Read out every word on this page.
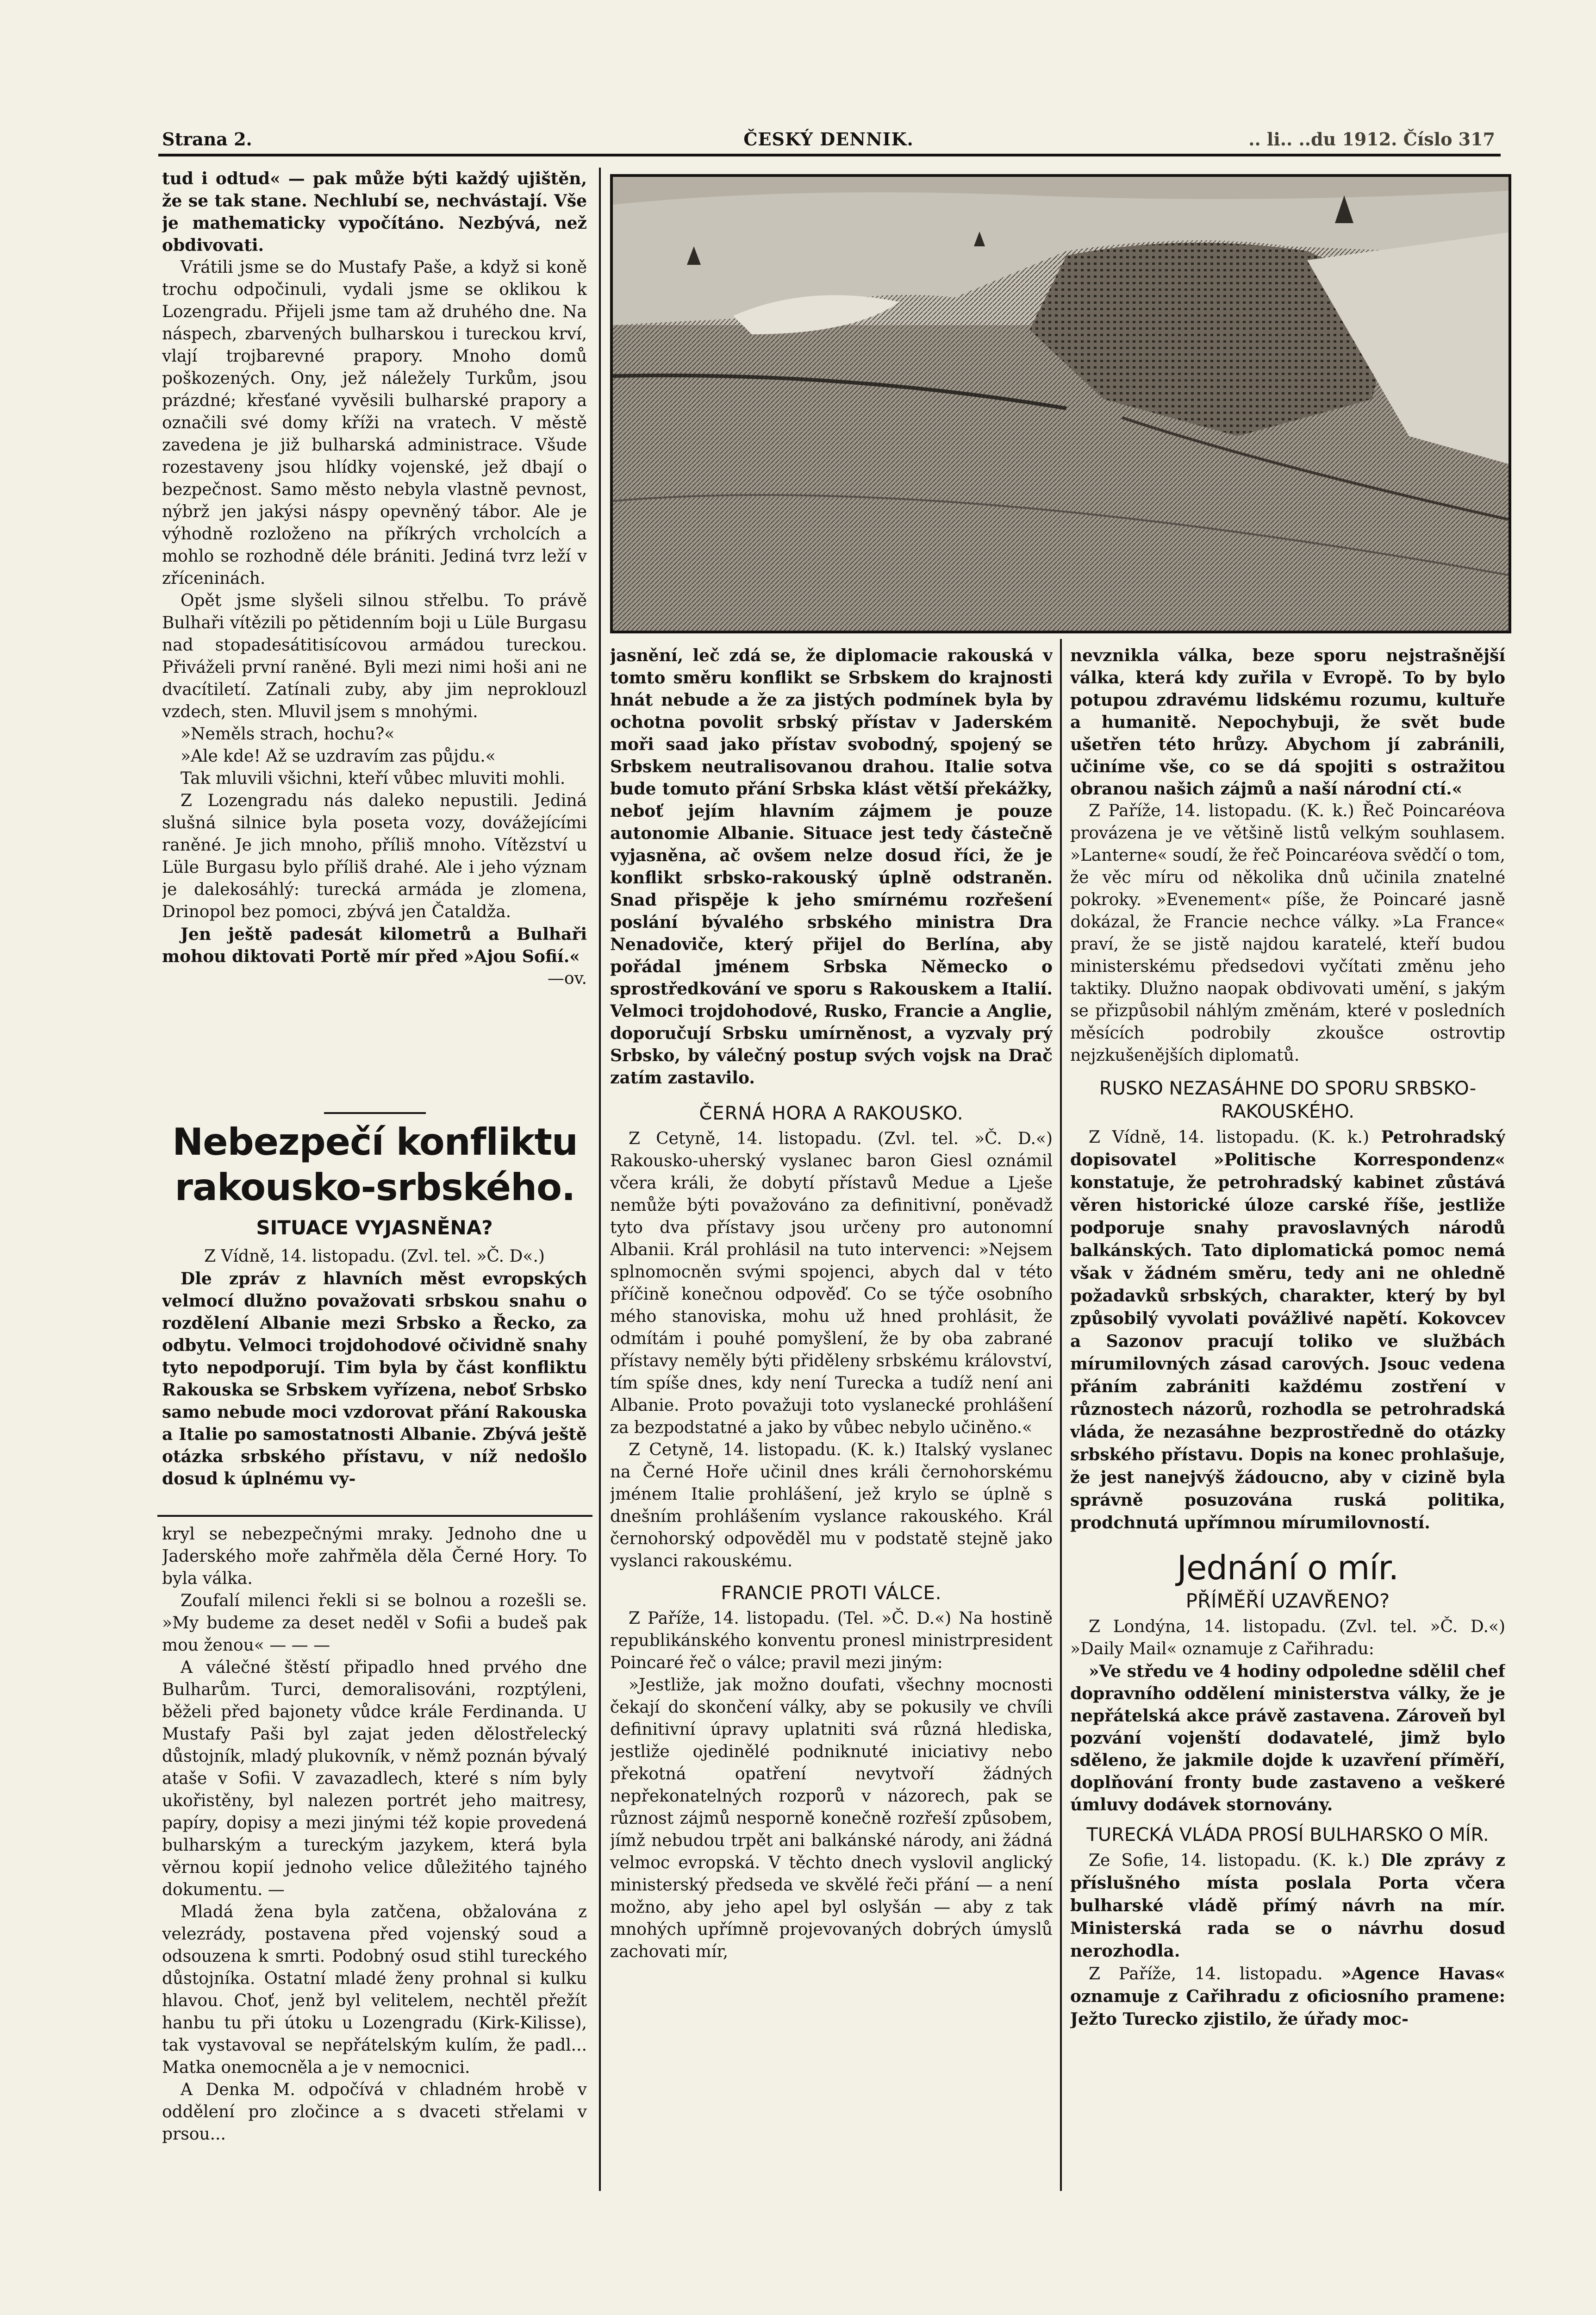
Strana 2.	ČESKÝ DENNIK.	.. li.. ..du 1912. Číslo 317

tud i odtud« — pak může býti každý ujištěn, že se tak stane. Nechlubí se, nechvástají. Vše je mathematicky vypočítáno. Nezbývá, než obdivovati.

Vrátili jsme se do Mustafy Paše, a když si koně trochu odpočinuli, vydali jsme se oklikou k Lozengradu. Přijeli jsme tam až druhého dne. Na náspech, zbarvených bulharskou i tureckou krví, vlají trojbarevné prapory. Mnoho domů poškozených. Ony, jež náležely Turkům, jsou prázdné; křesťané vyvěsili bulharské prapory a označili své domy kříži na vratech. V městě zavedena je již bulharská administrace. Všude rozestaveny jsou hlídky vojenské, jež dbají o bezpečnost. Samo město nebyla vlastně pevnost, nýbrž jen jakýsi náspy opevněný tábor. Ale je výhodně rozloženo na příkrých vrcholcích a mohlo se rozhodně déle brániti. Jediná tvrz leží v zříceninách.

Opět jsme slyšeli silnou střelbu. To právě Bulhaři vítězili po pětidenním boji u Lüle Burgasu nad stopadesátitisícovou armádou tureckou. Přiváželi první raněné. Byli mezi nimi hoši ani ne dvacítiletí. Zatínali zuby, aby jim neproklouzl vzdech, sten. Mluvil jsem s mnohými.

»Neměls strach, hochu?«

»Ale kde! Až se uzdravím zas půjdu.«

Tak mluvili všichni, kteří vůbec mluviti mohli.

Z Lozengradu nás daleko nepustili. Jediná slušná silnice byla poseta vozy, dovážejícími raněné. Je jich mnoho, příliš mnoho. Vítězství u Lüle Burgasu bylo příliš drahé. Ale i jeho význam je dalekosáhlý: turecká armáda je zlomena, Drinopol bez pomoci, zbývá jen Čataldža.

Jen ještě padesát kilometrů a Bulhaři mohou diktovati Portě mír před »Ajou Sofií.«

—ov.

Nebezpečí konfliktu rakousko-srbského.
SITUACE VYJASNĚNA?

Z Vídně, 14. listopadu. (Zvl. tel. »Č. D«.)

Dle zpráv z hlavních měst evropských velmocí dlužno považovati srbskou snahu o rozdělení Albanie mezi Srbsko a Řecko, za odbytu. Velmoci trojdohodové očividně snahy tyto nepodporují. Tim byla by část konfliktu Rakouska se Srbskem vyřízena, neboť Srbsko samo nebude moci vzdorovat přání Rakouska a Italie po samostatnosti Albanie. Zbývá ještě otázka srbského přístavu, v níž nedošlo dosud k úplnému vy-

kryl se nebezpečnými mraky. Jednoho dne u Jaderského moře zahřměla děla Černé Hory. To byla válka.

Zoufalí milenci řekli si se bolnou a rozešli se. »My budeme za deset neděl v Sofii a budeš pak mou ženou« — — —

A válečné štěstí připadlo hned prvého dne Bulharům. Turci, demoralisováni, rozptýleni, běželi před bajonety vůdce krále Ferdinanda. U Mustafy Paši byl zajat jeden dělostřelecký důstojník, mladý plukovník, v němž poznán bývalý ataše v Sofii. V zavazadlech, které s ním byly ukořistěny, byl nalezen portrét jeho maitresy, papíry, dopisy a mezi jinými též kopie provedená bulharským a tureckým jazykem, která byla věrnou kopií jednoho velice důležitého tajného dokumentu. —

Mladá žena byla zatčena, obžalována z velezrády, postavena před vojenský soud a odsouzena k smrti. Podobný osud stihl tureckého důstojníka. Ostatní mladé ženy prohnal si kulku hlavou. Choť, jenž byl velitelem, nechtěl přežít hanbu tu při útoku u Lozengradu (Kirk-Kilisse), tak vystavoval se nepřátelským kulím, že padl... Matka onemocněla a je v nemocnici.

A Denka M. odpočívá v chladném hrobě v oddělení pro zločince a s dvaceti střelami v prsou...

jasnění, leč zdá se, že diplomacie rakouská v tomto směru konflikt se Srbskem do krajnosti hnát nebude a že za jistých podmínek byla by ochotna povolit srbský přístav v Jaderském moři saad jako přístav svobodný, spojený se Srbskem neutralisovanou drahou. Italie sotva bude tomuto přání Srbska klást větší překážky, neboť jejím hlavním zájmem je pouze autonomie Albanie. Situace jest tedy částečně vyjasněna, ač ovšem nelze dosud říci, že je konflikt srbsko-rakouský úplně odstraněn. Snad přispěje k jeho smírnému rozřešení poslání bývalého srbského ministra Dra Nenadoviče, který přijel do Berlína, aby pořádal jménem Srbska Německo o sprostředkování ve sporu s Rakouskem a Italií. Velmoci trojdohodové, Rusko, Francie a Anglie, doporučují Srbsku umírněnost, a vyzvaly prý Srbsko, by válečný postup svých vojsk na Drač zatím zastavilo.

ČERNÁ HORA A RAKOUSKO.

Z Cetyně, 14. listopadu. (Zvl. tel. »Č. D.«) Rakousko-uherský vyslanec baron Giesl oznámil včera králi, že dobytí přístavů Medue a Lješe nemůže býti považováno za definitivní, poněvadž tyto dva přístavy jsou určeny pro autonomní Albanii. Král prohlásil na tuto intervenci: »Nejsem splnomocněn svými spojenci, abych dal v této příčině konečnou odpověď. Co se týče osobního mého stanoviska, mohu už hned prohlásit, že odmítám i pouhé pomyšlení, že by oba zabrané přístavy neměly býti přiděleny srbskému království, tím spíše dnes, kdy není Turecka a tudíž není ani Albanie. Proto považuji toto vyslanecké prohlášení za bezpodstatné a jako by vůbec nebylo učiněno.«

Z Cetyně, 14. listopadu. (K. k.) Italský vyslanec na Černé Hoře učinil dnes králi černohorskému jménem Italie prohlášení, jež krylo se úplně s dnešním prohlášením vyslance rakouského. Král černohorský odpověděl mu v podstatě stejně jako vyslanci rakouskému.

FRANCIE PROTI VÁLCE.

Z Paříže, 14. listopadu. (Tel. »Č. D.«) Na hostině republikánského konventu pronesl ministrpresident Poincaré řeč o válce; pravil mezi jiným:

»Jestliže, jak možno doufati, všechny mocnosti čekají do skončení války, aby se pokusily ve chvíli definitivní úpravy uplatniti svá různá hlediska, jestliže ojedinělé podniknuté iniciativy nebo překotná opatření nevytvoří žádných nepřekonatelných rozporů v názorech, pak se různost zájmů nesporně konečně rozřeší způsobem, jímž nebudou trpět ani balkánské národy, ani žádná velmoc evropská. V těchto dnech vyslovil anglický ministerský předseda ve skvělé řeči přání — a není možno, aby jeho apel byl oslyšán — aby z tak mnohých upřímně projevovaných dobrých úmyslů zachovati mír,

nevznikla válka, beze sporu nejstrašnější válka, která kdy zuřila v Evropě. To by bylo potupou zdravému lidskému rozumu, kultuře a humanitě. Nepochybuji, že svět bude ušetřen této hrůzy. Abychom jí zabránili, učiníme vše, co se dá spojiti s ostražitou obranou našich zájmů a naší národní ctí.«

Z Paříže, 14. listopadu. (K. k.) Řeč Poincaréova provázena je ve většině listů velkým souhlasem. »Lanterne« soudí, že řeč Poincaréova svědčí o tom, že věc míru od několika dnů učinila znatelné pokroky. »Evenement« píše, že Poincaré jasně dokázal, že Francie nechce války. »La France« praví, že se jistě najdou karatelé, kteří budou ministerskému předsedovi vyčítati změnu jeho taktiky. Dlužno naopak obdivovati umění, s jakým se přizpůsobil náhlým změnám, které v posledních měsících podrobily zkoušce ostrovtip nejzkušenějších diplomatů.

RUSKO NEZASÁHNE DO SPORU SRBSKO-RAKOUSKÉHO.

Z Vídně, 14. listopadu. (K. k.) Petrohradský dopisovatel »Politische Korrespondenz« konstatuje, že petrohradský kabinet zůstává věren historické úloze carské říše, jestliže podporuje snahy pravoslavných národů balkánských. Tato diplomatická pomoc nemá však v žádném směru, tedy ani ne ohledně požadavků srbských, charakter, který by byl způsobilý vyvolati povážlivé napětí. Kokovcev a Sazonov pracují toliko ve službách mírumilovných zásad carových. Jsouc vedena přáním zabrániti každému zostření v různostech názorů, rozhodla se petrohradská vláda, že nezasáhne bezprostředně do otázky srbského přístavu. Dopis na konec prohlašuje, že jest nanejvýš žádoucno, aby v cizině byla správně posuzována ruská politika, prodchnutá upřímnou mírumilovností.

Jednání o mír.
PŘÍMĚŘÍ UZAVŘENO?

Z Londýna, 14. listopadu. (Zvl. tel. »Č. D.«) »Daily Mail« oznamuje z Cařihradu:

»Ve středu ve 4 hodiny odpoledne sdělil chef dopravního oddělení ministerstva války, že je nepřátelská akce právě zastavena. Zároveň byl pozvání vojenští dodavatelé, jimž bylo sděleno, že jakmile dojde k uzavření příměří, doplňování fronty bude zastaveno a veškeré úmluvy dodávek stornovány.

TURECKÁ VLÁDA PROSÍ BULHARSKO O MÍR.

Ze Sofie, 14. listopadu. (K. k.) Dle zprávy z příslušného místa poslala Porta včera bulharské vládě přímý návrh na mír. Ministerská rada se o návrhu dosud nerozhodla.

Z Paříže, 14. listopadu. »Agence Havas« oznamuje z Cařihradu z oficiosního pramene: Ježto Turecko zjistilo, že úřady moc-
